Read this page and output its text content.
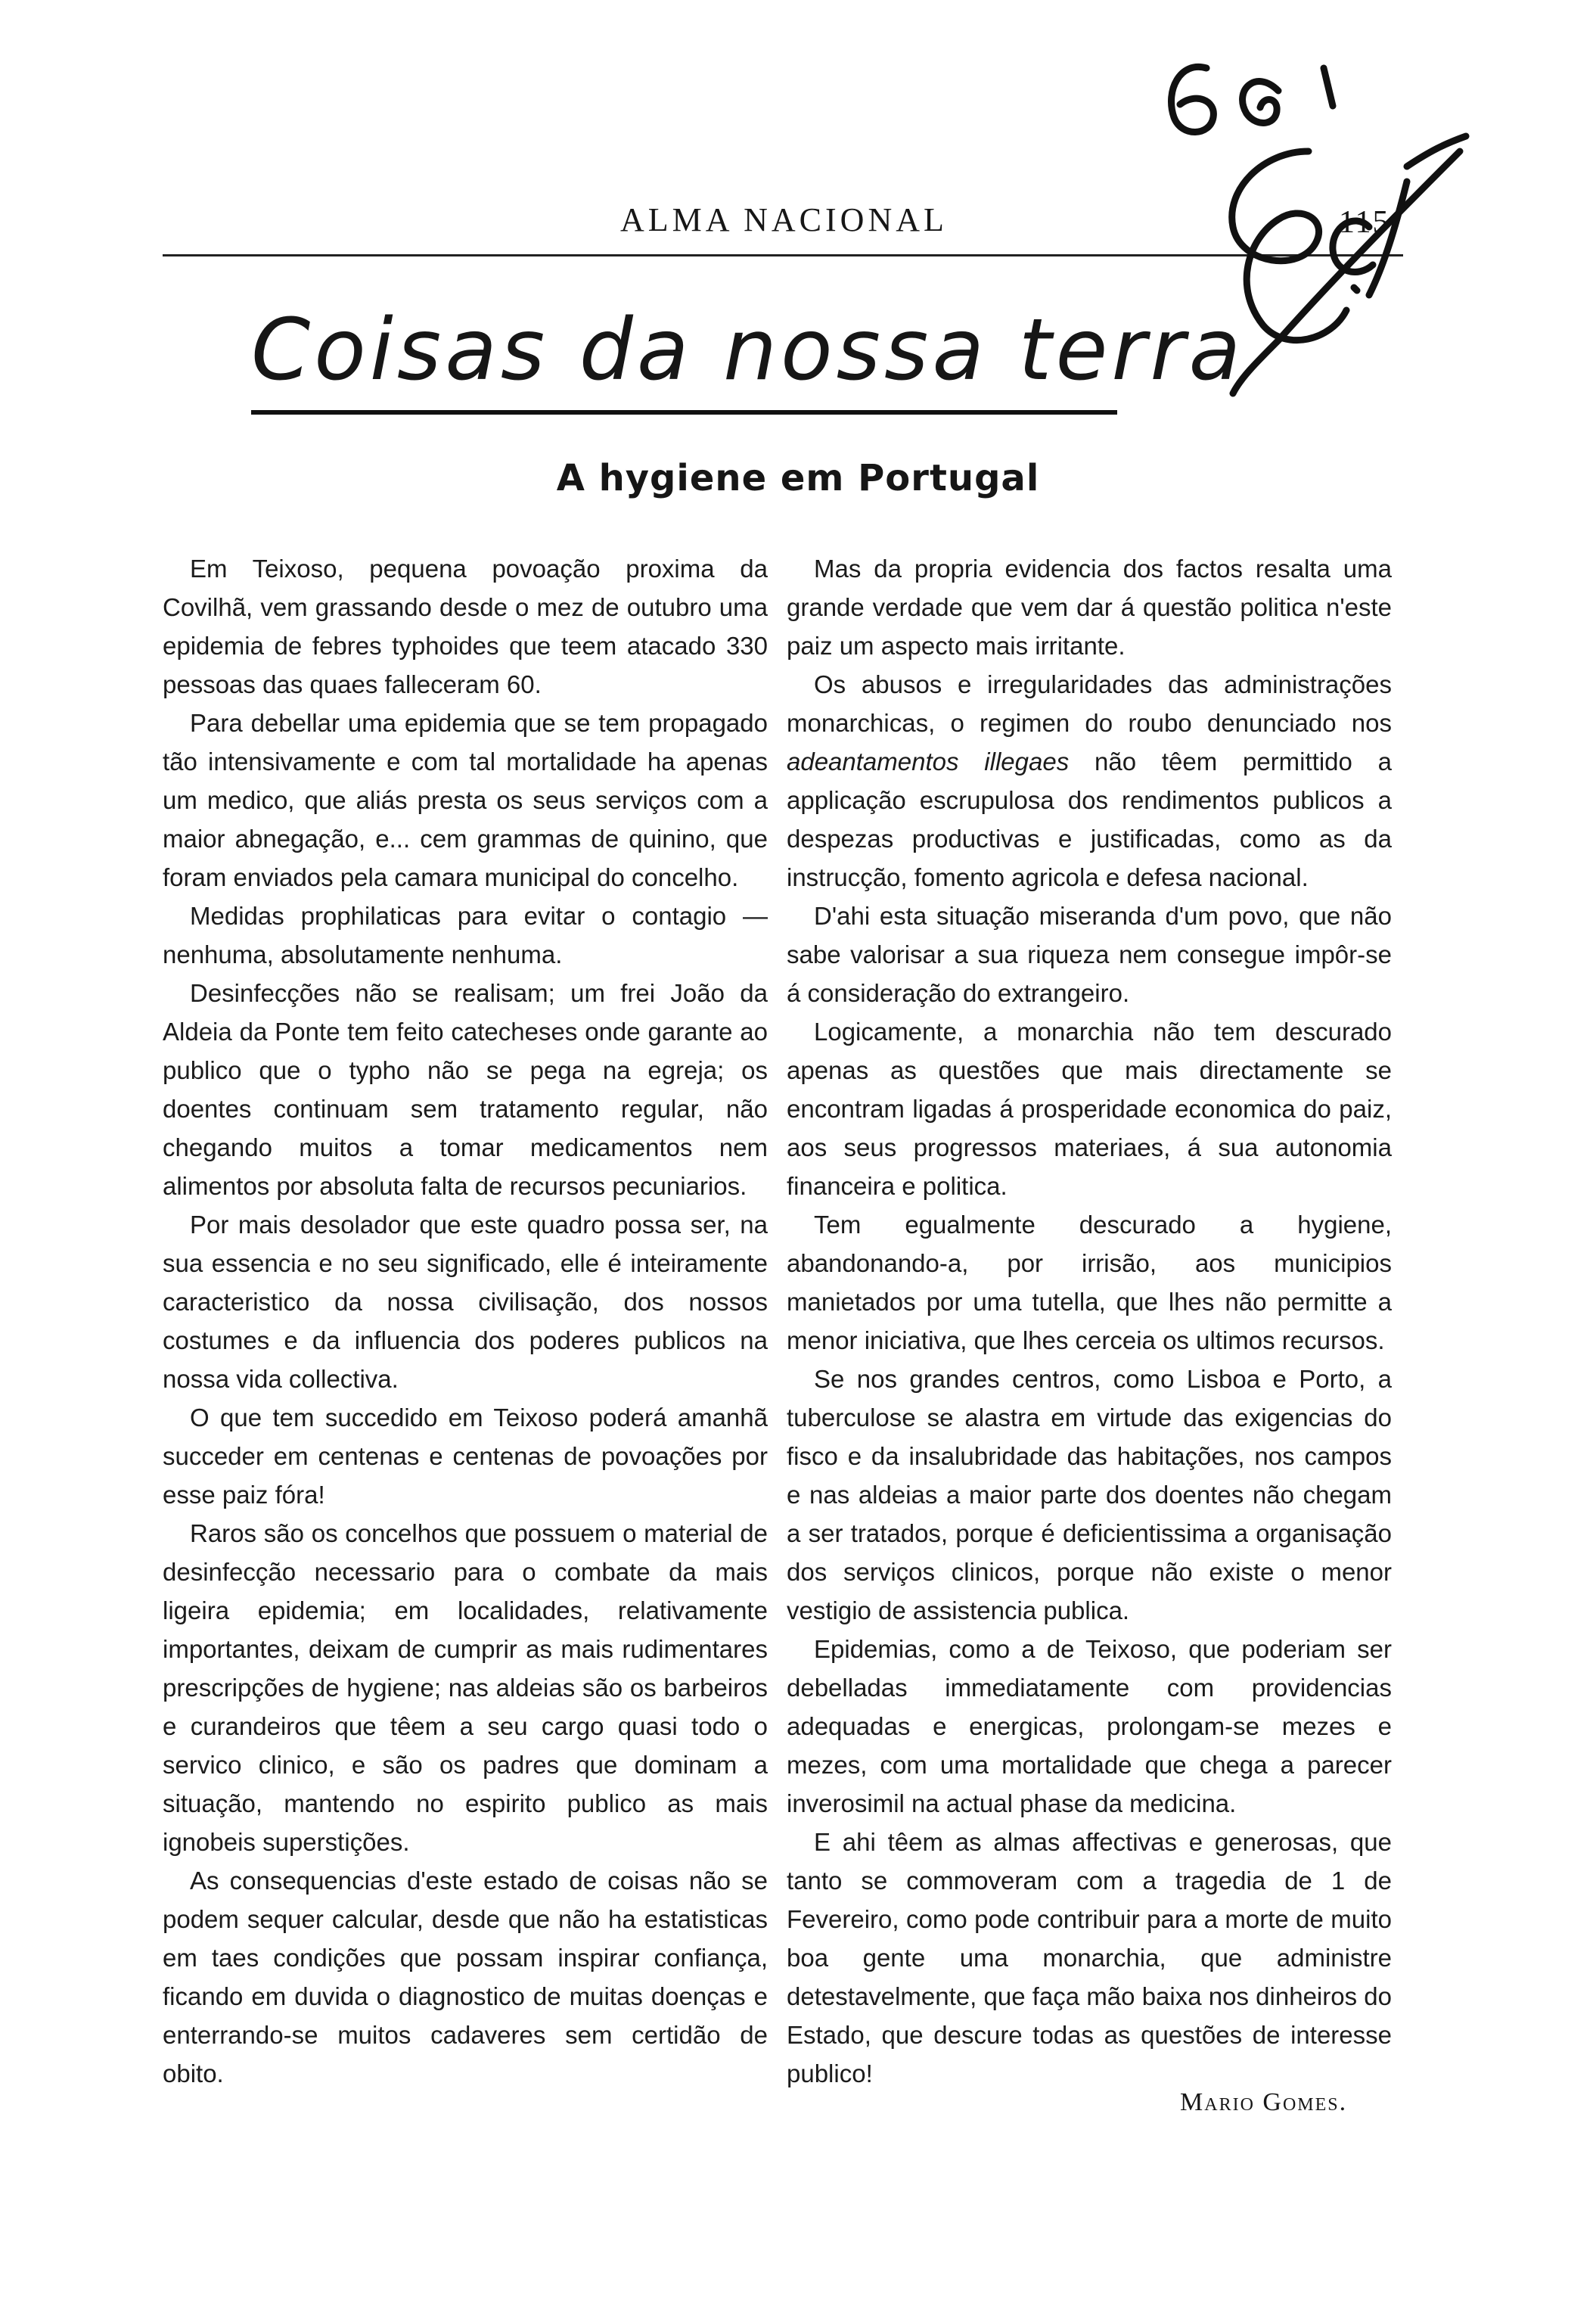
ALMA NACIONAL	115
Coisas da nossa terra
A hygiene em Portugal

Em Teixoso, pequena povoação proxima da Covilhã, vem grassando desde o mez de outubro uma epidemia de febres typhoides que teem atacado 330 pessoas das quaes falleceram 60.

Para debellar uma epidemia que se tem propagado tão intensivamente e com tal mortalidade ha apenas um medico, que aliás presta os seus serviços com a maior abnegação, e... cem grammas de quinino, que foram enviados pela camara municipal do concelho.

Medidas prophilaticas para evitar o contagio — nenhuma, absolutamente nenhuma.

Desinfecções não se realisam; um frei João da Aldeia da Ponte tem feito catecheses onde garante ao publico que o typho não se pega na egreja; os doentes continuam sem tratamento regular, não chegando muitos a tomar medicamentos nem alimentos por absoluta falta de recursos pecuniarios.

Por mais desolador que este quadro possa ser, na sua essencia e no seu significado, elle é inteiramente caracteristico da nossa civilisação, dos nossos costumes e da influencia dos poderes publicos na nossa vida collectiva.

O que tem succedido em Teixoso poderá amanhã succeder em centenas e centenas de povoações por esse paiz fóra!

Raros são os concelhos que possuem o material de desinfecção necessario para o combate da mais ligeira epidemia; em localidades, relativamente importantes, deixam de cumprir as mais rudimentares prescripções de hygiene; nas aldeias são os barbeiros e curandeiros que têem a seu cargo quasi todo o servico clinico, e são os padres que dominam a situação, mantendo no espirito publico as mais ignobeis superstições.

As consequencias d'este estado de coisas não se podem sequer calcular, desde que não ha estatisticas em taes condições que possam inspirar confiança, ficando em duvida o diagnostico de muitas doenças e enterrando-se muitos cadaveres sem certidão de obito.

Mas da propria evidencia dos factos resalta uma grande verdade que vem dar á questão politica n'este paiz um aspecto mais irritante.

Os abusos e irregularidades das administrações monarchicas, o regimen do roubo denunciado nos adeantamentos illegaes não têem permittido a applicação escrupulosa dos rendimentos publicos a despezas productivas e justificadas, como as da instrucção, fomento agricola e defesa nacional.

D'ahi esta situação miseranda d'um povo, que não sabe valorisar a sua riqueza nem consegue impôr-se á consideração do extrangeiro.

Logicamente, a monarchia não tem descurado apenas as questões que mais directamente se encontram ligadas á prosperidade economica do paiz, aos seus progressos materiaes, á sua autonomia financeira e politica.

Tem egualmente descurado a hygiene, abandonando-a, por irrisão, aos municipios manietados por uma tutella, que lhes não permitte a menor iniciativa, que lhes cerceia os ultimos recursos.

Se nos grandes centros, como Lisboa e Porto, a tuberculose se alastra em virtude das exigencias do fisco e da insalubridade das habitações, nos campos e nas aldeias a maior parte dos doentes não chegam a ser tratados, porque é deficientissima a organisação dos serviços clinicos, porque não existe o menor vestigio de assistencia publica.

Epidemias, como a de Teixoso, que poderiam ser debelladas immediatamente com providencias adequadas e energicas, prolongam-se mezes e mezes, com uma mortalidade que chega a parecer inverosimil na actual phase da medicina.

E ahi têem as almas affectivas e generosas, que tanto se commoveram com a tragedia de 1 de Fevereiro, como pode contribuir para a morte de muito boa gente uma monarchia, que administre detestavelmente, que faça mão baixa nos dinheiros do Estado, que descure todas as questões de interesse publico!

Mario Gomes.
